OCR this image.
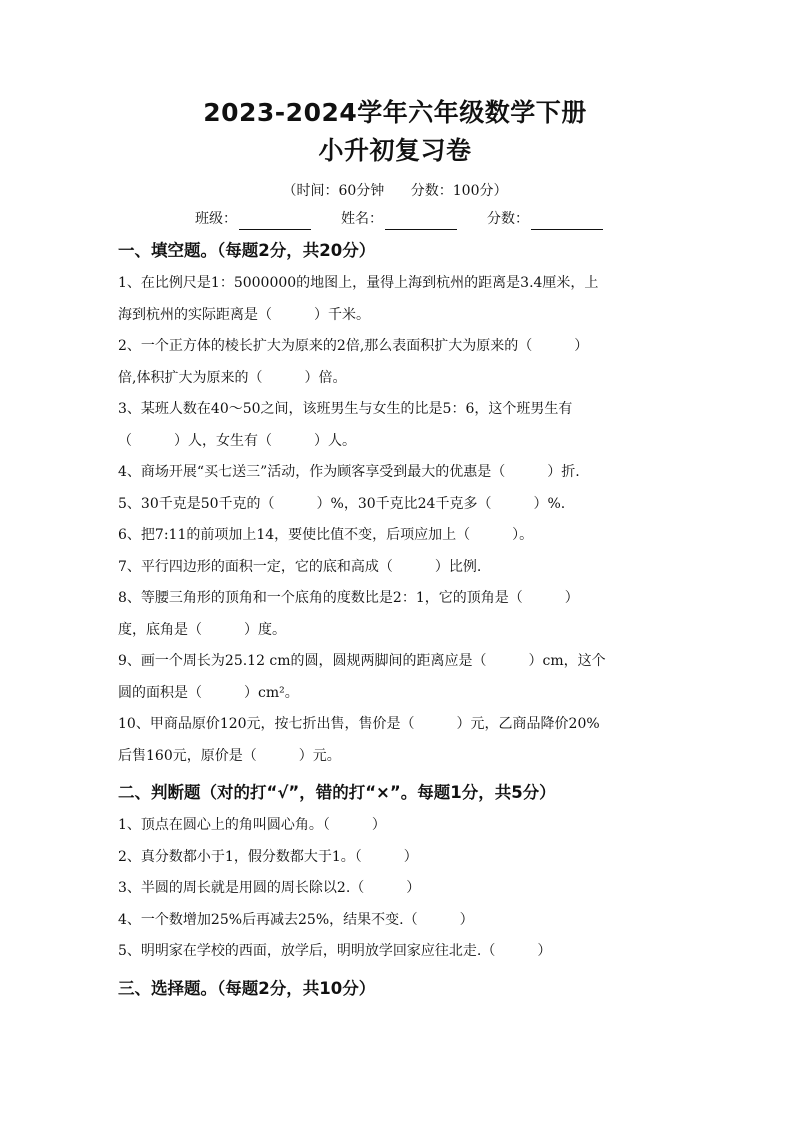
2023-2024学年六年级数学下册
小升初复习卷
（时间：60分钟 分数：100分）
班级：	姓名：	分数：
一、填空题。（每题2分，共20分）
1、在比例尺是1：5000000的地图上，量得上海到杭州的距离是3.4厘米，上
海到杭州的实际距离是（　　　）千米。
2、一个正方体的棱长扩大为原来的2倍,那么表面积扩大为原来的（　　　）
倍,体积扩大为原来的（　　　）倍。
3、某班人数在40～50之间，该班男生与女生的比是5：6，这个班男生有
（　　　）人，女生有（　　　）人。
4、商场开展“买七送三”活动，作为顾客享受到最大的优惠是（　　　）折.
5、30千克是50千克的（　　　）%，30千克比24千克多（　　　）%.
6、把7:11的前项加上14，要使比值不变，后项应加上（　　　）。
7、平行四边形的面积一定，它的底和高成（　　　）比例.
8、等腰三角形的顶角和一个底角的度数比是2：1，它的顶角是（　　　）
度，底角是（　　　）度。
9、画一个周长为25.12 cm的圆，圆规两脚间的距离应是（　　　）cm，这个
圆的面积是（　　　）cm²。
10、甲商品原价120元，按七折出售，售价是（　　　）元，乙商品降价20%
后售160元，原价是（　　　）元。
二、判断题（对的打“√”，错的打“×”。每题1分，共5分）
1、顶点在圆心上的角叫圆心角。（　　　）
2、真分数都小于1，假分数都大于1。（　　　）
3、半圆的周长就是用圆的周长除以2.（　　　）
4、一个数增加25%后再减去25%，结果不变.（　　　）
5、明明家在学校的西面，放学后，明明放学回家应往北走.（　　　）
三、选择题。（每题2分，共10分）
